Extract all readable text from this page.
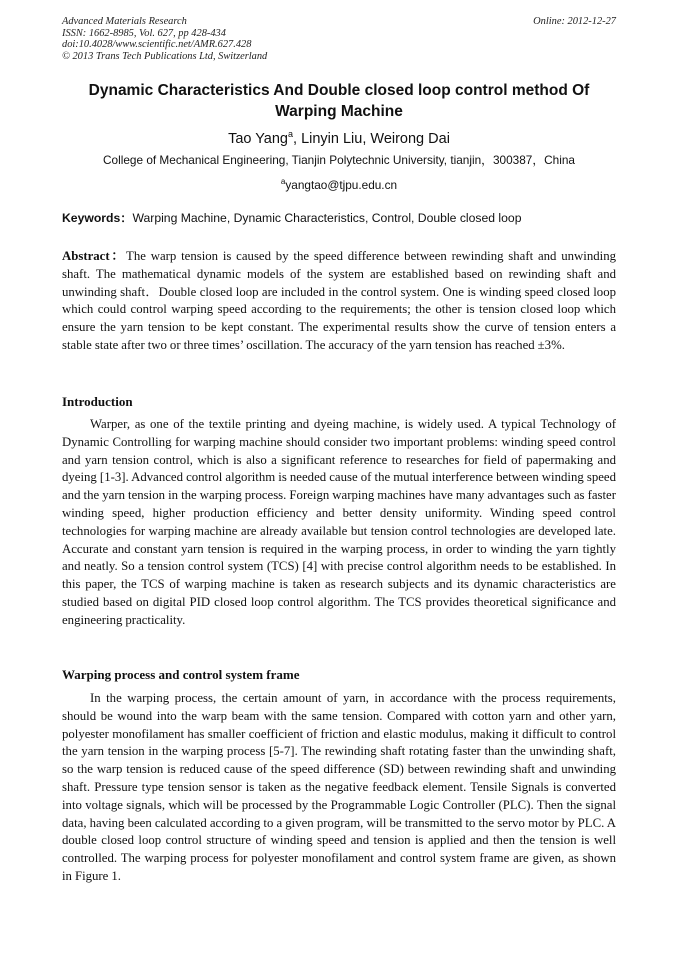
Advanced Materials Research
ISSN: 1662-8985, Vol. 627, pp 428-434
doi:10.4028/www.scientific.net/AMR.627.428
© 2013 Trans Tech Publications Ltd, Switzerland
Online: 2012-12-27
Dynamic Characteristics And Double closed loop control method Of Warping Machine
Tao Yang$^a$, Linyin Liu, Weirong Dai
College of Mechanical Engineering, Tianjin Polytechnic University, tianjin，300387，China
$^a$yangtao@tjpu.edu.cn
Keywords：Warping Machine, Dynamic Characteristics, Control, Double closed loop

Abstract：The warp tension is caused by the speed difference between rewinding shaft and unwinding shaft. The mathematical dynamic models of the system are established based on rewinding shaft and unwinding shaft．Double closed loop are included in the control system. One is winding speed closed loop which could control warping speed according to the requirements; the other is tension closed loop which ensure the yarn tension to be kept constant. The experimental results show the curve of tension enters a stable state after two or three times’ oscillation. The accuracy of the yarn tension has reached ±3%.

Introduction

Warper, as one of the textile printing and dyeing machine, is widely used. A typical Technology of Dynamic Controlling for warping machine should consider two important problems: winding speed control and yarn tension control, which is also a significant reference to researches for field of papermaking and dyeing [1-3]. Advanced control algorithm is needed cause of the mutual interference between winding speed and the yarn tension in the warping process. Foreign warping machines have many advantages such as faster winding speed, higher production efficiency and better density uniformity. Winding speed control technologies for warping machine are already available but tension control technologies are developed late. Accurate and constant yarn tension is required in the warping process, in order to winding the yarn tightly and neatly. So a tension control system (TCS) [4] with precise control algorithm needs to be established. In this paper, the TCS of warping machine is taken as research subjects and its dynamic characteristics are studied based on digital PID closed loop control algorithm. The TCS provides theoretical significance and engineering practicality.

Warping process and control system frame

In the warping process, the certain amount of yarn, in accordance with the process requirements, should be wound into the warp beam with the same tension. Compared with cotton yarn and other yarn, polyester monofilament has smaller coefficient of friction and elastic modulus, making it difficult to control the yarn tension in the warping process [5-7]. The rewinding shaft rotating faster than the unwinding shaft, so the warp tension is reduced cause of the speed difference (SD) between rewinding shaft and unwinding shaft. Pressure type tension sensor is taken as the negative feedback element. Tensile Signals is converted into voltage signals, which will be processed by the Programmable Logic Controller (PLC). Then the signal data, having been calculated according to a given program, will be transmitted to the servo motor by PLC. A double closed loop control structure of winding speed and tension is applied and then the tension is well controlled. The warping process for polyester monofilament and control system frame are given, as shown in Figure 1.
